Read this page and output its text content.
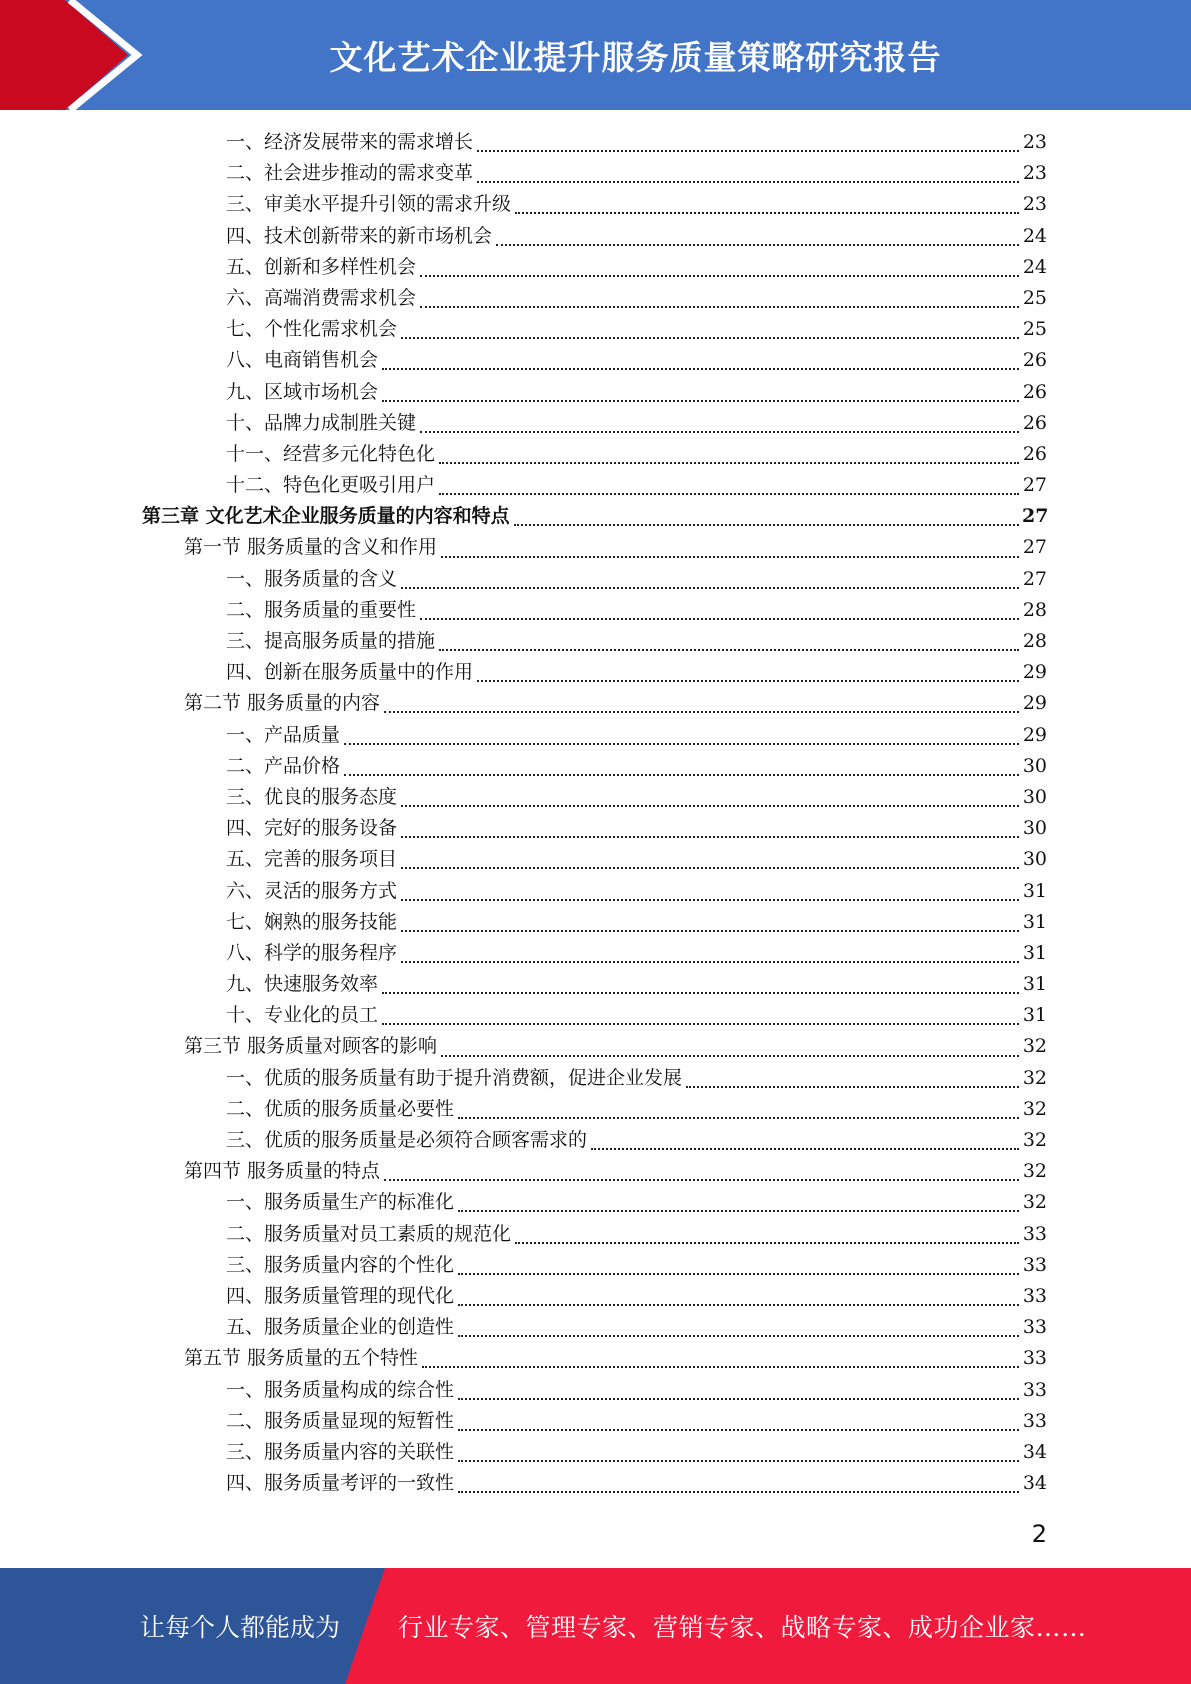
文化艺术企业提升服务质量策略研究报告
一、经济发展带来的需求增长	23
二、社会进步推动的需求变革	23
三、审美水平提升引领的需求升级	23
四、技术创新带来的新市场机会	24
五、创新和多样性机会	24
六、高端消费需求机会	25
七、个性化需求机会	25
八、电商销售机会	26
九、区域市场机会	26
十、品牌力成制胜关键	26
十一、经营多元化特色化	26
十二、特色化更吸引用户	27
第三章 文化艺术企业服务质量的内容和特点	27
第一节 服务质量的含义和作用	27
一、服务质量的含义	27
二、服务质量的重要性	28
三、提高服务质量的措施	28
四、创新在服务质量中的作用	29
第二节 服务质量的内容	29
一、产品质量	29
二、产品价格	30
三、优良的服务态度	30
四、完好的服务设备	30
五、完善的服务项目	30
六、灵活的服务方式	31
七、娴熟的服务技能	31
八、科学的服务程序	31
九、快速服务效率	31
十、专业化的员工	31
第三节 服务质量对顾客的影响	32
一、优质的服务质量有助于提升消费额，促进企业发展	32
二、优质的服务质量必要性	32
三、优质的服务质量是必须符合顾客需求的	32
第四节 服务质量的特点	32
一、服务质量生产的标准化	32
二、服务质量对员工素质的规范化	33
三、服务质量内容的个性化	33
四、服务质量管理的现代化	33
五、服务质量企业的创造性	33
第五节 服务质量的五个特性	33
一、服务质量构成的综合性	33
二、服务质量显现的短暂性	33
三、服务质量内容的关联性	34
四、服务质量考评的一致性	34
2
让每个人都能成为 行业专家、管理专家、营销专家、战略专家、成功企业家……
